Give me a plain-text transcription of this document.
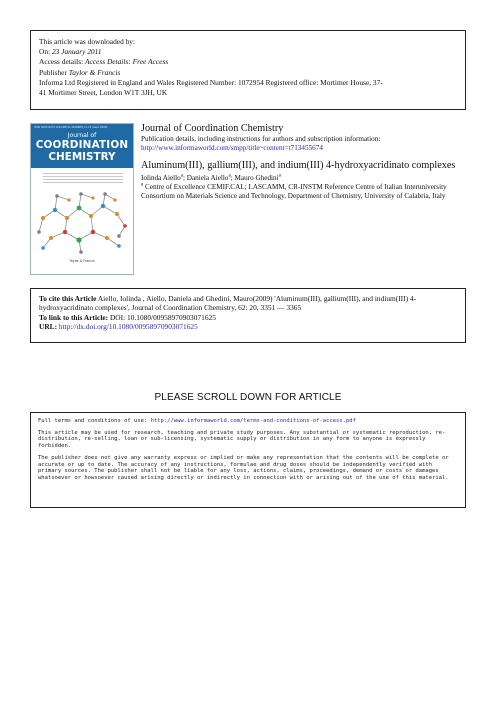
This article was downloaded by:
On: 23 January 2011
Access details: Access Details: Free Access
Publisher Taylor & Francis
Informa Ltd Registered in England and Wales Registered Number: 1072954 Registered office: Mortimer House, 37-
41 Mortimer Street, London W1T 3JH, UK
ISSN 0095-8972 VOLUME 61 NUMBER 17-18 (Sept 2008)
Journal of
COORDINATION
CHEMISTRY
Taylor & Francis
Journal of Coordination Chemistry
Publication details, including instructions for authors and subscription information:
http://www.informaworld.com/smpp/title~content=t713455674
Aluminum(III), gallium(III), and indium(III) 4-hydroxyacridinato complexes
Iolinda Aiello$^a$; Daniela Aiello$^a$; Mauro Ghedini$^a$
$^a$ Centre of Excellence CEMIF.CAL; LASCAMM, CR-INSTM Reference Centre of Italian Interuniversity Consortium on Materials Science and Technology, Department of Chemistry, University of Calabria, Italy
To cite this Article Aiello, Iolinda , Aiello, Daniela and Ghedini, Mauro(2009) 'Aluminum(III), gallium(III), and indium(III) 4-hydroxyacridinato complexes', Journal of Coordination Chemistry, 62: 20, 3351 — 3365
To link to this Article: DOI: 10.1080/00958970903071625
URL: http://dx.doi.org/10.1080/00958970903071625
PLEASE SCROLL DOWN FOR ARTICLE

Full terms and conditions of use: http://www.informaworld.com/terms-and-conditions-of-access.pdf

This article may be used for research, teaching and private study purposes. Any substantial or systematic reproduction, re-distribution, re-selling, loan or sub-licensing, systematic supply or distribution in any form to anyone is expressly forbidden.

The publisher does not give any warranty express or implied or make any representation that the contents will be complete or accurate or up to date. The accuracy of any instructions, formulae and drug doses should be independently verified with primary sources. The publisher shall not be liable for any loss, actions, claims, proceedings, demand or costs or damages whatsoever or howsoever caused arising directly or indirectly in connection with or arising out of the use of this material.
